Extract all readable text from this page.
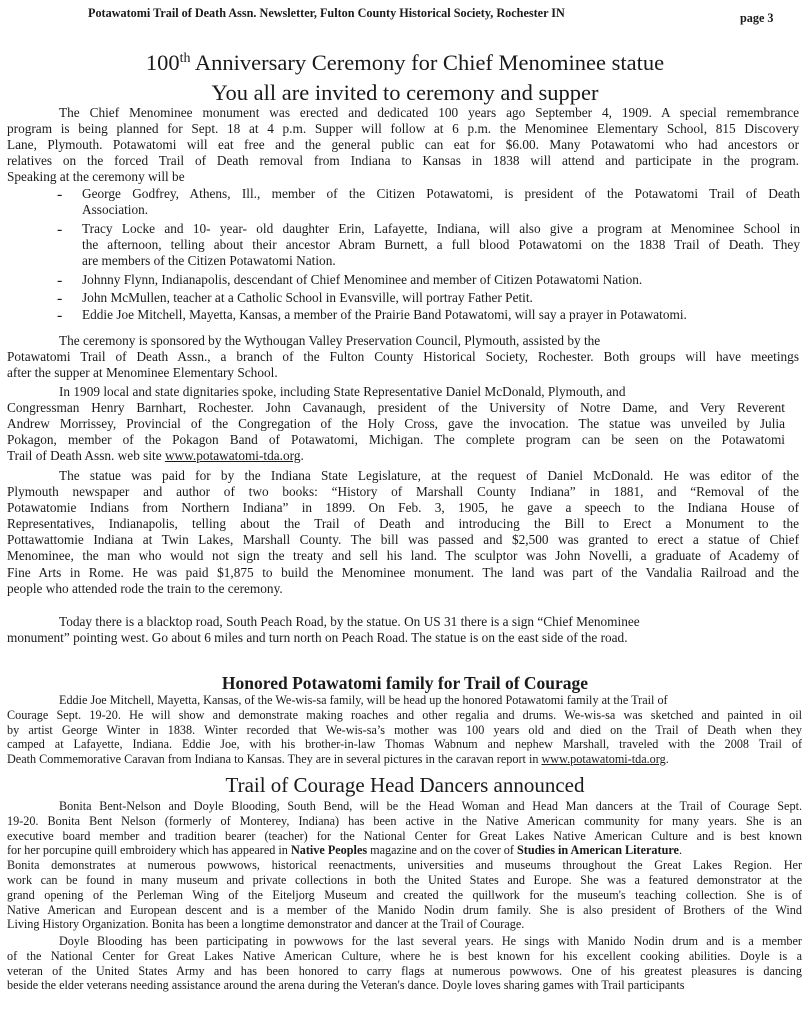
Potawatomi Trail of Death Assn. Newsletter, Fulton County Historical Society, Rochester IN	page 3
100th Anniversary Ceremony for Chief Menominee statue
You all are invited to ceremony and supper
The Chief Menominee monument was erected and dedicated 100 years ago September 4, 1909. A special remembrance
program is being planned for Sept. 18 at 4 p.m. Supper will follow at 6 p.m. the Menominee Elementary School, 815 Discovery
Lane, Plymouth. Potawatomi will eat free and the general public can eat for $6.00. Many Potawatomi who had ancestors or
relatives on the forced Trail of Death removal from Indiana to Kansas in 1838 will attend and participate in the program.
Speaking at the ceremony will be
- George Godfrey, Athens, Ill., member of the Citizen Potawatomi, is president of the Potawatomi Trail of Death
Association.
- Tracy Locke and 10- year- old daughter Erin, Lafayette, Indiana, will also give a program at Menominee School in
the afternoon, telling about their ancestor Abram Burnett, a full blood Potawatomi on the 1838 Trail of Death. They
are members of the Citizen Potawatomi Nation.
- Johnny Flynn, Indianapolis, descendant of Chief Menominee and member of Citizen Potawatomi Nation.
- John McMullen, teacher at a Catholic School in Evansville, will portray Father Petit.
- Eddie Joe Mitchell, Mayetta, Kansas, a member of the Prairie Band Potawatomi, will say a prayer in Potawatomi.
The ceremony is sponsored by the Wythougan Valley Preservation Council, Plymouth, assisted by the
Potawatomi Trail of Death Assn., a branch of the Fulton County Historical Society, Rochester. Both groups will have meetings
after the supper at Menominee Elementary School.
In 1909 local and state dignitaries spoke, including State Representative Daniel McDonald, Plymouth, and
Congressman Henry Barnhart, Rochester. John Cavanaugh, president of the University of Notre Dame, and Very Reverent
Andrew Morrissey, Provincial of the Congregation of the Holy Cross, gave the invocation. The statue was unveiled by Julia
Pokagon, member of the Pokagon Band of Potawatomi, Michigan. The complete program can be seen on the Potawatomi
Trail of Death Assn. web site www.potawatomi-tda.org.
The statue was paid for by the Indiana State Legislature, at the request of Daniel McDonald. He was editor of the
Plymouth newspaper and author of two books: “History of Marshall County Indiana” in 1881, and “Removal of the
Potawatomie Indians from Northern Indiana” in 1899. On Feb. 3, 1905, he gave a speech to the Indiana House of
Representatives, Indianapolis, telling about the Trail of Death and introducing the Bill to Erect a Monument to the
Pottawattomie Indiana at Twin Lakes, Marshall County. The bill was passed and $2,500 was granted to erect a statue of Chief
Menominee, the man who would not sign the treaty and sell his land. The sculptor was John Novelli, a graduate of Academy of
Fine Arts in Rome. He was paid $1,875 to build the Menominee monument. The land was part of the Vandalia Railroad and the
people who attended rode the train to the ceremony.
Today there is a blacktop road, South Peach Road, by the statue. On US 31 there is a sign “Chief Menominee
monument” pointing west. Go about 6 miles and turn north on Peach Road. The statue is on the east side of the road.
Honored Potawatomi family for Trail of Courage
Eddie Joe Mitchell, Mayetta, Kansas, of the We-wis-sa family, will be head up the honored Potawatomi family at the Trail of
Courage Sept. 19-20. He will show and demonstrate making roaches and other regalia and drums. We-wis-sa was sketched and painted in oil
by artist George Winter in 1838. Winter recorded that We-wis-sa’s mother was 100 years old and died on the Trail of Death when they
camped at Lafayette, Indiana. Eddie Joe, with his brother-in-law Thomas Wabnum and nephew Marshall, traveled with the 2008 Trail of
Death Commemorative Caravan from Indiana to Kansas. They are in several pictures in the caravan report in www.potawatomi-tda.org.
Trail of Courage Head Dancers announced
Bonita Bent-Nelson and Doyle Blooding, South Bend, will be the Head Woman and Head Man dancers at the Trail of Courage Sept.
19-20. Bonita Bent Nelson (formerly of Monterey, Indiana) has been active in the Native American community for many years. She is an
executive board member and tradition bearer (teacher) for the National Center for Great Lakes Native American Culture and is best known
for her porcupine quill embroidery which has appeared in Native Peoples magazine and on the cover of Studies in American Literature.
Bonita demonstrates at numerous powwows, historical reenactments, universities and museums throughout the Great Lakes Region. Her
work can be found in many museum and private collections in both the United States and Europe. She was a featured demonstrator at the
grand opening of the Perleman Wing of the Eiteljorg Museum and created the quillwork for the museum's teaching collection. She is of
Native American and European descent and is a member of the Manido Nodin drum family. She is also president of Brothers of the Wind
Living History Organization. Bonita has been a longtime demonstrator and dancer at the Trail of Courage.
Doyle Blooding has been participating in powwows for the last several years. He sings with Manido Nodin drum and is a member
of the National Center for Great Lakes Native American Culture, where he is best known for his excellent cooking abilities. Doyle is a
veteran of the United States Army and has been honored to carry flags at numerous powwows. One of his greatest pleasures is dancing
beside the elder veterans needing assistance around the arena during the Veteran's dance. Doyle loves sharing games with Trail participants
